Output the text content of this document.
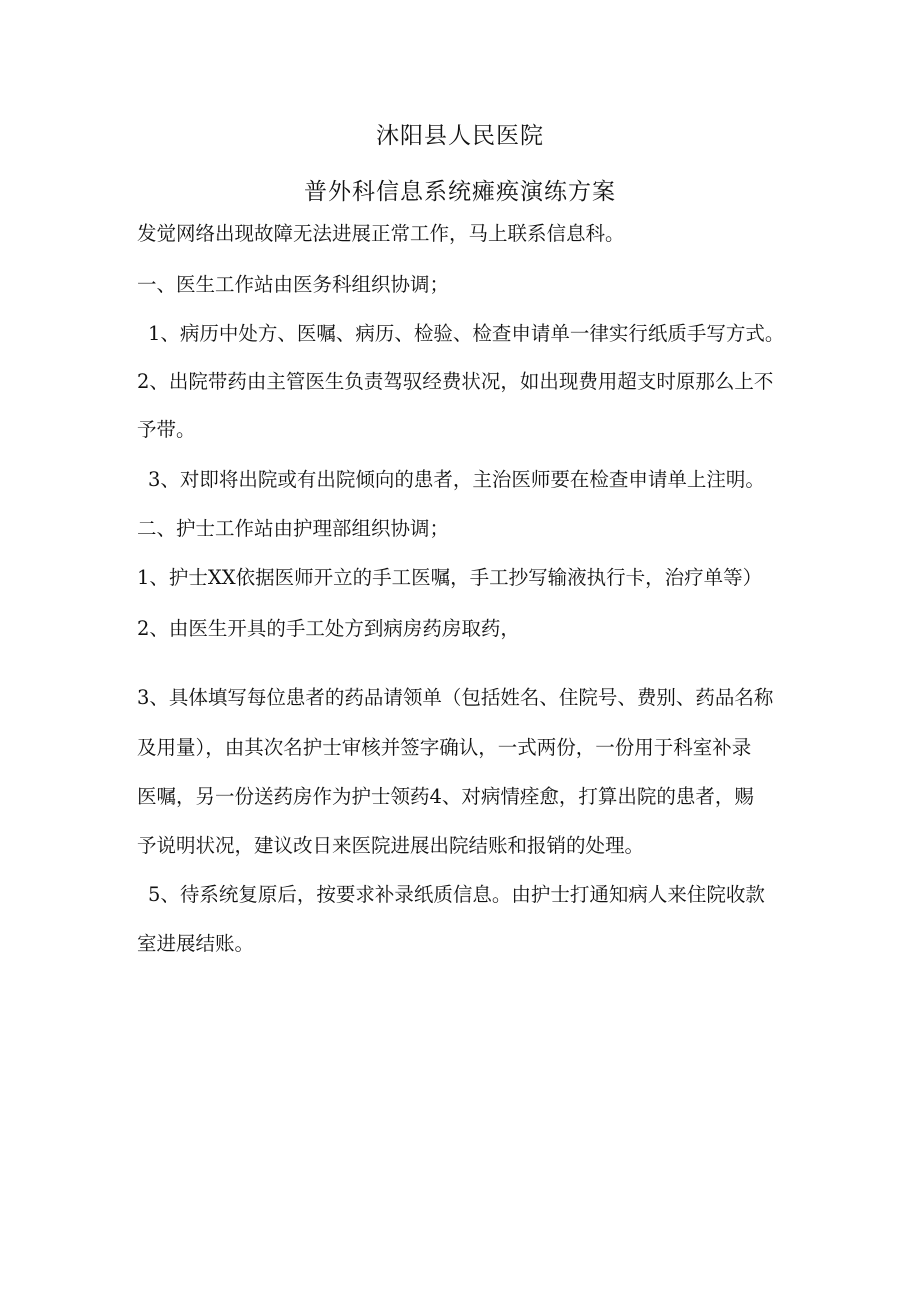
沐阳县人民医院
普外科信息系统瘫痪演练方案
发觉网络出现故障无法进展正常工作，马上联系信息科。
一、医生工作站由医务科组织协调；
1、病历中处方、医嘱、病历、检验、检查申请单一律实行纸质手写方式。
2、出院带药由主管医生负责驾驭经费状况，如出现费用超支时原那么上不
予带。
3、对即将出院或有出院倾向的患者，主治医师要在检查申请单上注明。
二、护士工作站由护理部组织协调；
1、护士XX依据医师开立的手工医嘱，手工抄写输液执行卡，治疗单等）
2、由医生开具的手工处方到病房药房取药，
3、具体填写每位患者的药品请领单（包括姓名、住院号、费别、药品名称
及用量），由其次名护士审核并签字确认，一式两份，一份用于科室补录
医嘱，另一份送药房作为护士领药4、对病情痊愈，打算出院的患者，赐
予说明状况，建议改日来医院进展出院结账和报销的处理。
5、待系统复原后，按要求补录纸质信息。由护士打通知病人来住院收款
室进展结账。
